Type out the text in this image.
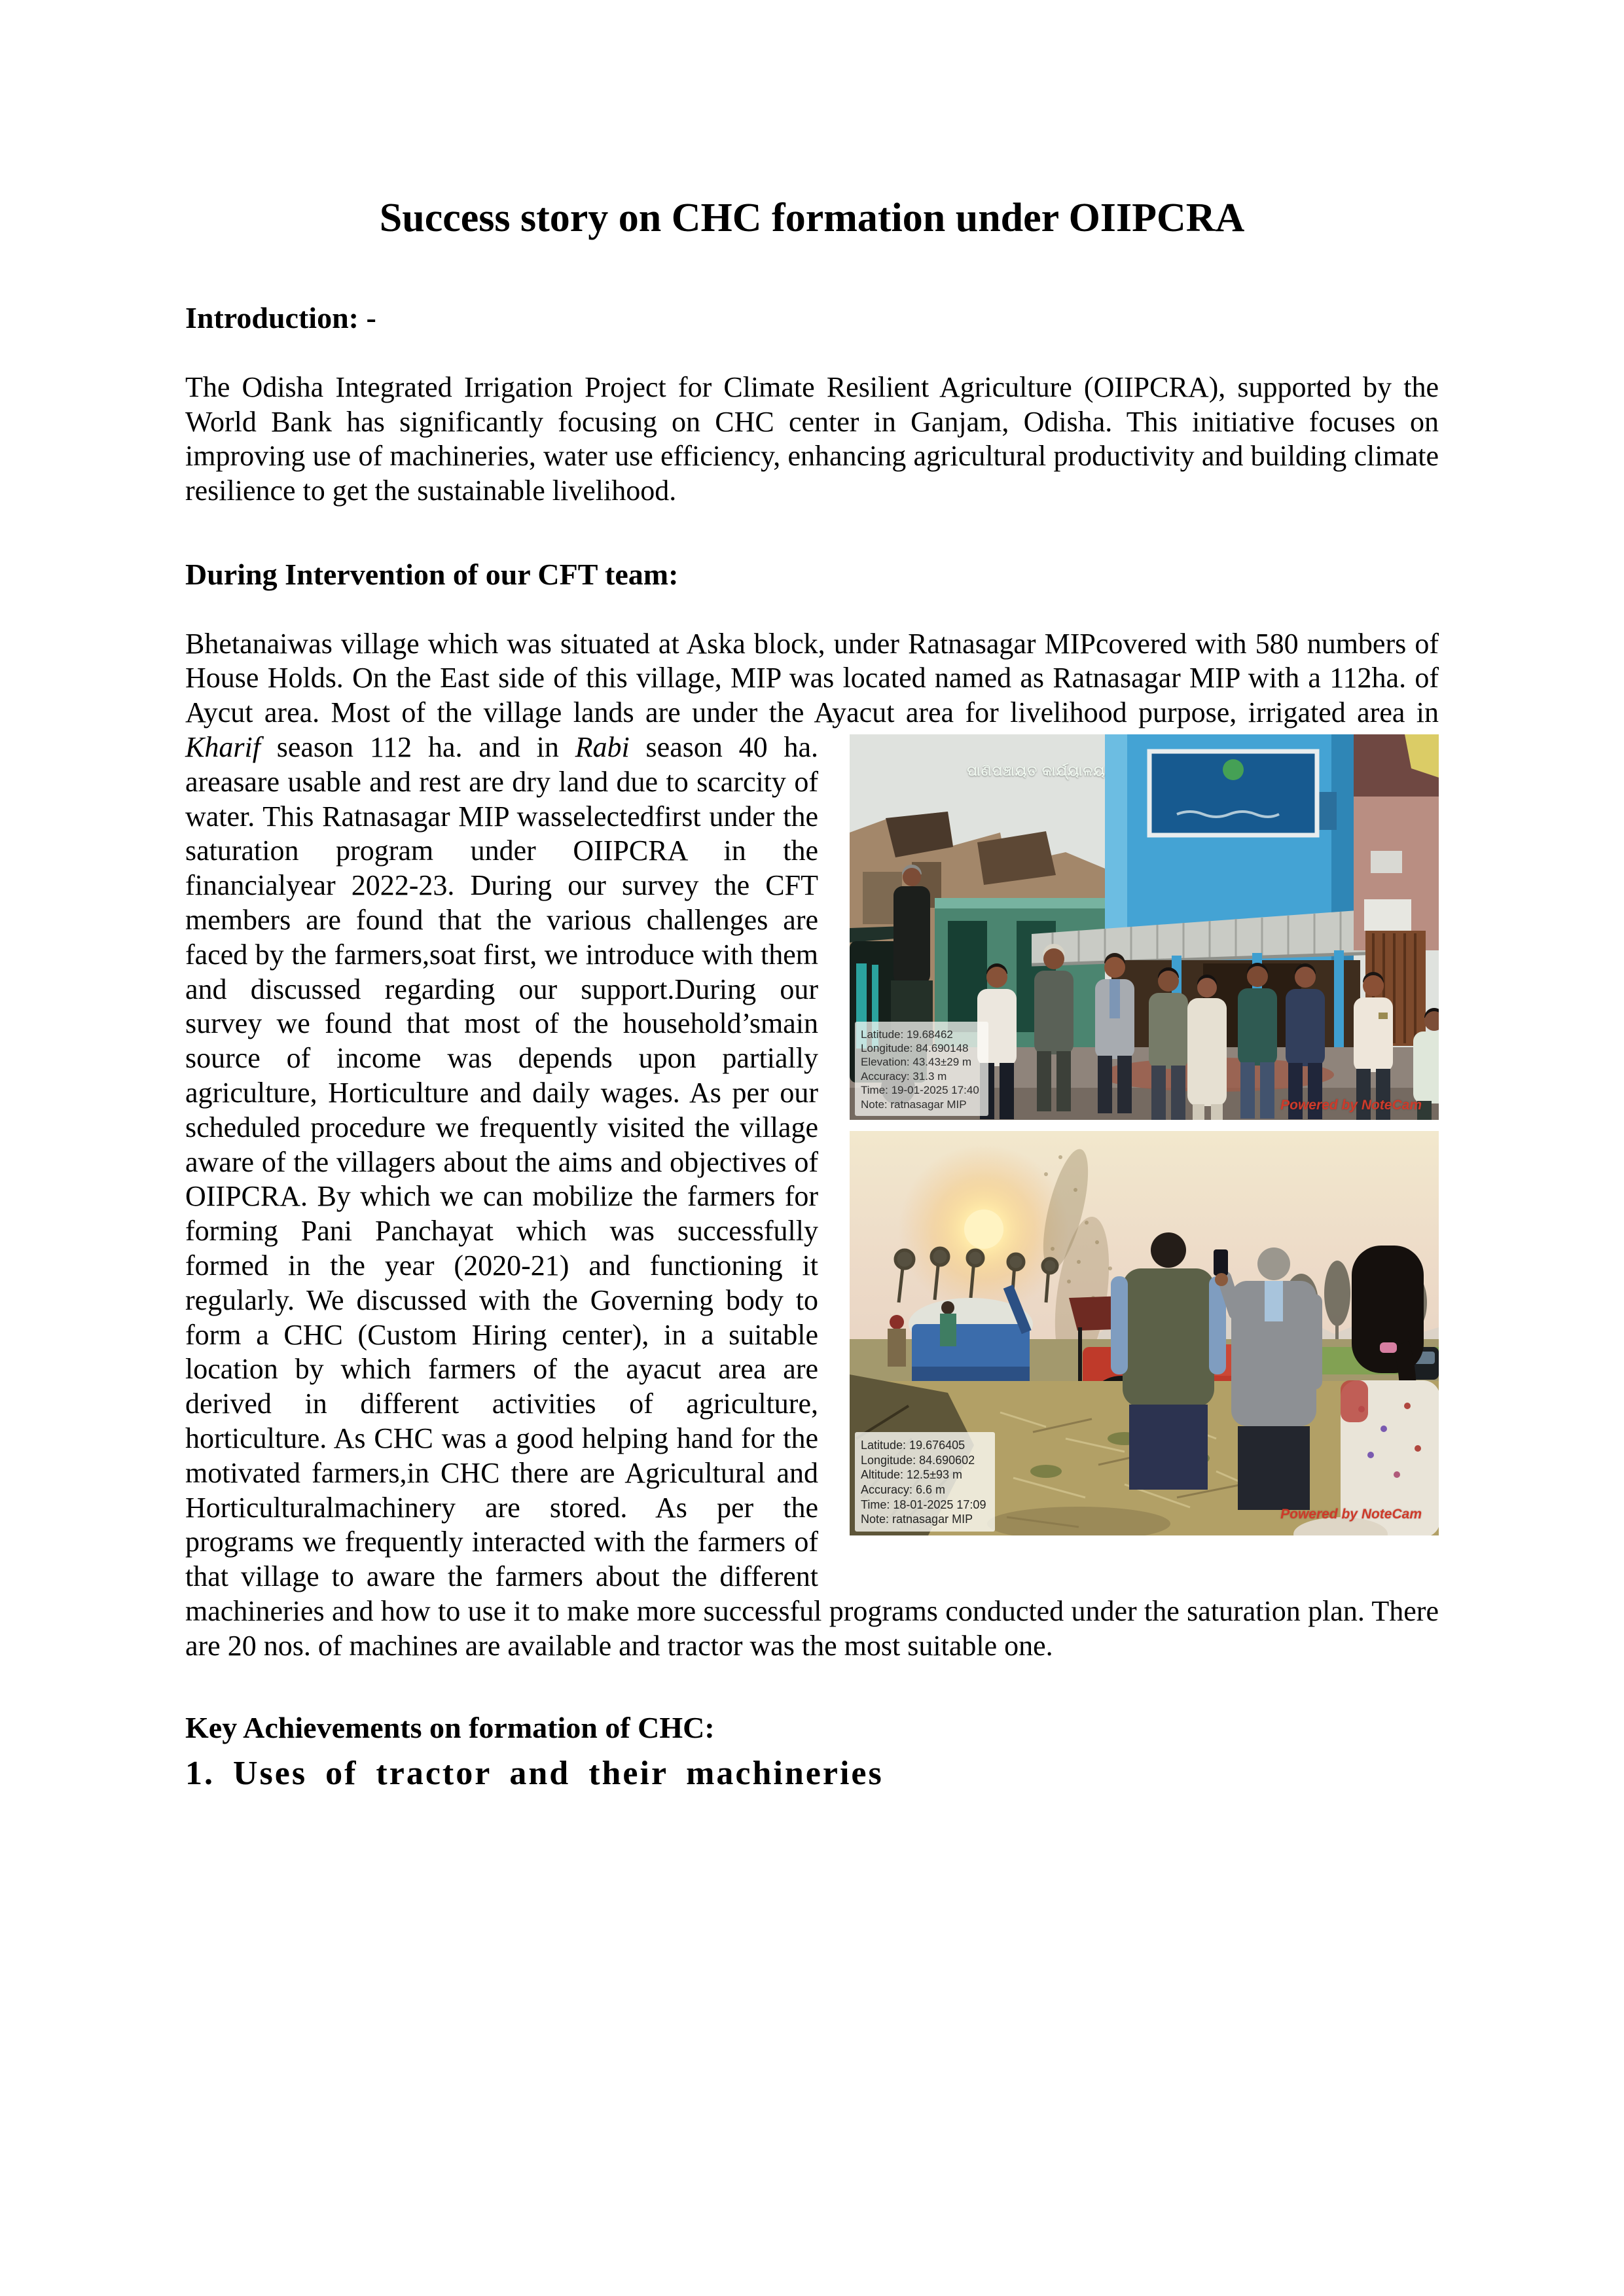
Success story on CHC formation under OIIPCRA
Introduction: -

The Odisha Integrated Irrigation Project for Climate Resilient Agriculture (OIIPCRA), supported by the World Bank has significantly focusing on CHC center in Ganjam, Odisha. This initiative focuses on improving use of machineries, water use efficiency, enhancing agricultural productivity and building climate resilience to get the sustainable livelihood.

During Intervention of our CFT team:

Bhetanaiwas village which was situated at Aska block, under Ratnasagar MIPcovered with 580 numbers of House Holds. On the East side of this village, MIP was located named as Ratnasagar MIP with a 112ha. of Aycut area. Most of the village lands are under the Ayacut area for livelihood purpose,
ପାଣିପଞ୍ଚାୟତ କାର୍ଯ୍ୟାଳୟ
Latitude: 19.68462
Longitude: 84.690148
Elevation: 43.43±29 m
Accuracy: 31.3 m
Time: 19-01-2025 17:40
Note: ratnasagar MIP	Powered by NoteCam
Latitude: 19.676405
Longitude: 84.690602
Altitude: 12.5±93 m
Accuracy: 6.6 m
Time: 18-01-2025 17:09
Note: ratnasagar MIP	Powered by NoteCam
irrigated area in Kharif season 112 ha. and in Rabi season 40 ha. areasare usable and rest are dry land due to scarcity of water. This Ratnasagar MIP wasselectedfirst under the saturation program under OIIPCRA in the financialyear 2022-23. During our survey the CFT members are found that the various challenges are faced by the farmers,soat first, we introduce with them and discussed regarding our support.During our survey we found that most of the household’smain source of income was depends upon partially agriculture, Horticulture and daily wages. As per our scheduled procedure we frequently visited the village aware of the villagers about the aims and objectives of OIIPCRA. By which we can mobilize the farmers for forming Pani Panchayat which was successfully formed in the year (2020-21) and functioning it regularly. We discussed with the Governing body to form a CHC (Custom Hiring center), in a suitable location by which farmers of the ayacut area are derived in different activities of agriculture, horticulture. As CHC was a good helping hand for the motivated farmers,in CHC there are Agricultural and Horticulturalmachinery are stored. As per the programs we frequently interacted with the farmers of that village to aware the farmers about the different machineries and how to use it to make more successful programs conducted under the saturation plan. There are 20 nos. of machines are available and tractor was the most suitable one.

Key Achievements on formation of CHC:

1. Uses of tractor and their machineries
